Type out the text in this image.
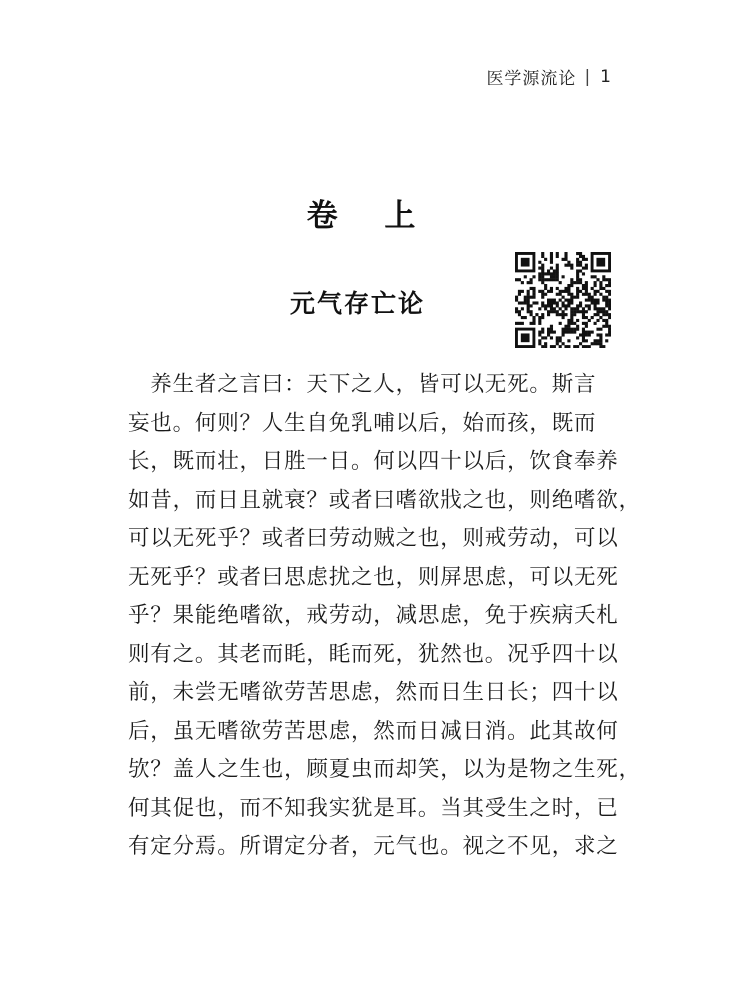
医学源流论 | 1
卷 上
元气存亡论
　养生者之言曰：天下之人，皆可以无死。斯言
妄也。何则？人生自免乳哺以后，始而孩，既而
长，既而壮，日胜一日。何以四十以后，饮食奉养
如昔，而日且就衰？或者曰嗜欲戕之也，则绝嗜欲，
可以无死乎？或者曰劳动贼之也，则戒劳动，可以
无死乎？或者曰思虑扰之也，则屏思虑，可以无死
乎？果能绝嗜欲，戒劳动，减思虑，免于疾病夭札
则有之。其老而眊，眊而死，犹然也。况乎四十以
前，未尝无嗜欲劳苦思虑，然而日生日长；四十以
后，虽无嗜欲劳苦思虑，然而日减日消。此其故何
欤？盖人之生也，顾夏虫而却笑，以为是物之生死，
何其促也，而不知我实犹是耳。当其受生之时，已
有定分焉。所谓定分者，元气也。视之不见，求之
